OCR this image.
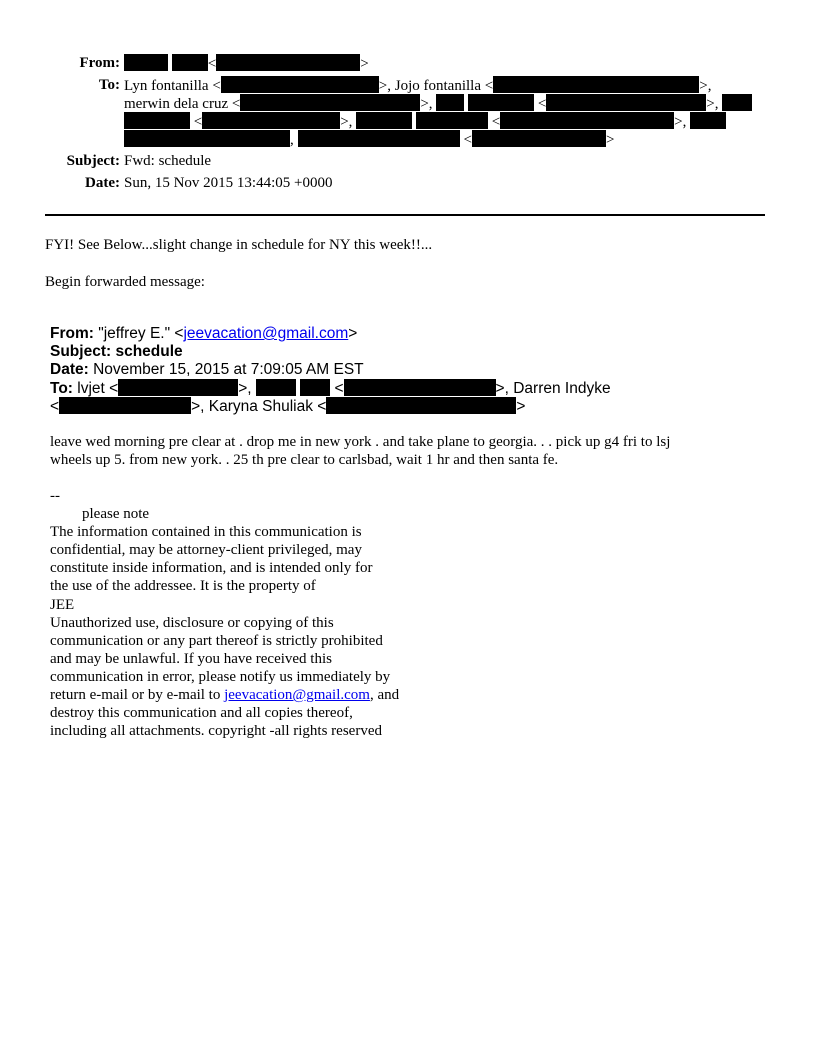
From:	<	>
To: Lyn fontanilla <	>, Jojo fontanilla <	>,
merwin dela cruz <	>,	<	>,
<	>,	<	>,
,	<	>
Subject: Fwd: schedule
Date: Sun, 15 Nov 2015 13:44:05 +0000
FYI! See Below...slight change in schedule for NY this week!!...
Begin forwarded message:
From: "jeffrey E." <jeevacation@gmail.com>
Subject: schedule
Date: November 15, 2015 at 7:09:05 AM EST
To: lvjet <	>,	<	>, Darren Indyke
<	>, Karyna Shuliak <	>
leave wed morning pre clear at . drop me in new york . and take plane to georgia. . . pick up g4 fri to lsj
wheels up 5. from new york. . 25 th pre clear to carlsbad, wait 1 hr and then santa fe.
--
please note
The information contained in this communication is
confidential, may be attorney-client privileged, may
constitute inside information, and is intended only for
the use of the addressee. It is the property of
JEE
Unauthorized use, disclosure or copying of this
communication or any part thereof is strictly prohibited
and may be unlawful. If you have received this
communication in error, please notify us immediately by
return e-mail or by e-mail to jeevacation@gmail.com, and
destroy this communication and all copies thereof,
including all attachments. copyright -all rights reserved
